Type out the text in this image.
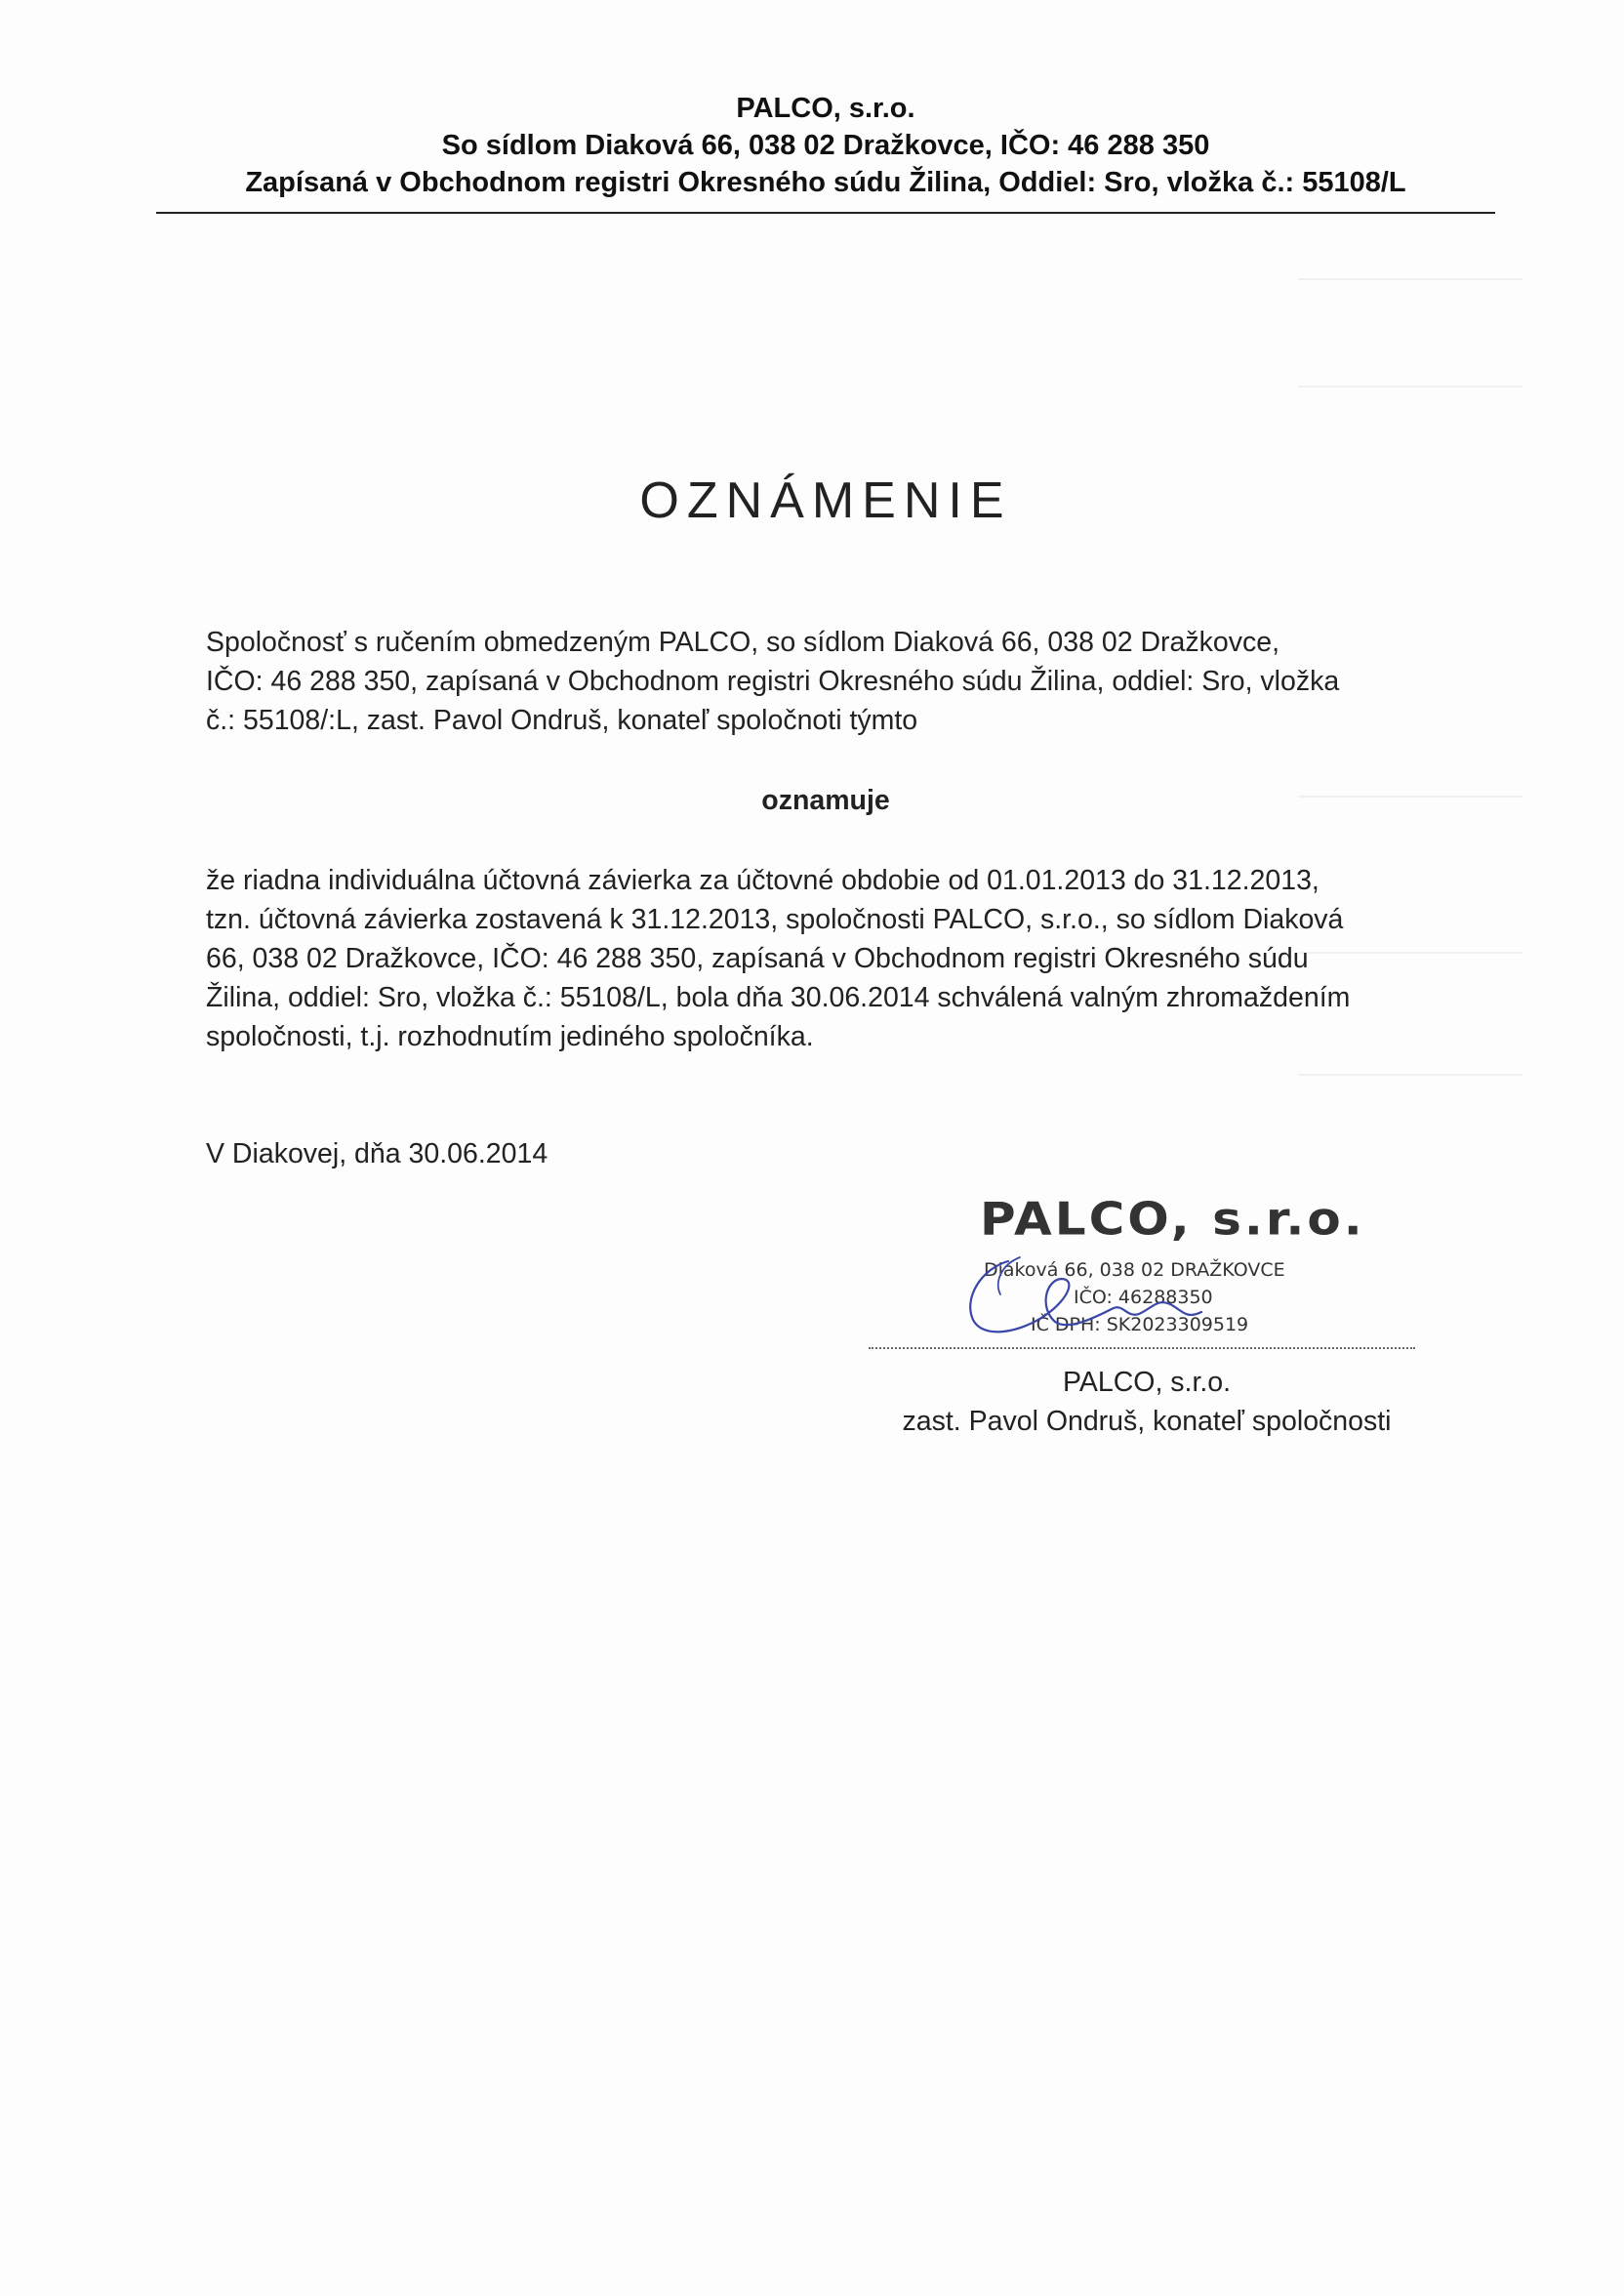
PALCO, s.r.o.
So sídlom Diaková 66, 038 02 Dražkovce, IČO: 46 288 350
Zapísaná v Obchodnom registri Okresného súdu Žilina, Oddiel: Sro, vložka č.: 55108/L
OZNÁMENIE
Spoločnosť s ručením obmedzeným PALCO, so sídlom Diaková 66, 038 02 Dražkovce,
IČO: 46 288 350, zapísaná v Obchodnom registri Okresného súdu Žilina, oddiel: Sro, vložka
č.: 55108/:L, zast. Pavol Ondruš, konateľ spoločnoti týmto
oznamuje
že riadna individuálna účtovná závierka za účtovné obdobie od 01.01.2013 do 31.12.2013,
tzn. účtovná závierka zostavená k 31.12.2013, spoločnosti PALCO, s.r.o., so sídlom Diaková
66, 038 02 Dražkovce, IČO: 46 288 350, zapísaná v Obchodnom registri Okresného súdu
Žilina, oddiel: Sro, vložka č.: 55108/L, bola dňa 30.06.2014 schválená valným zhromaždením
spoločnosti, t.j. rozhodnutím jediného spoločníka.
V Diakovej, dňa 30.06.2014
PALCO, s.r.o.
Diaková 66, 038 02 DRAŽKOVCE
IČO: 46288350
IČ DPH: SK2023309519
PALCO, s.r.o.
zast. Pavol Ondruš, konateľ spoločnosti
